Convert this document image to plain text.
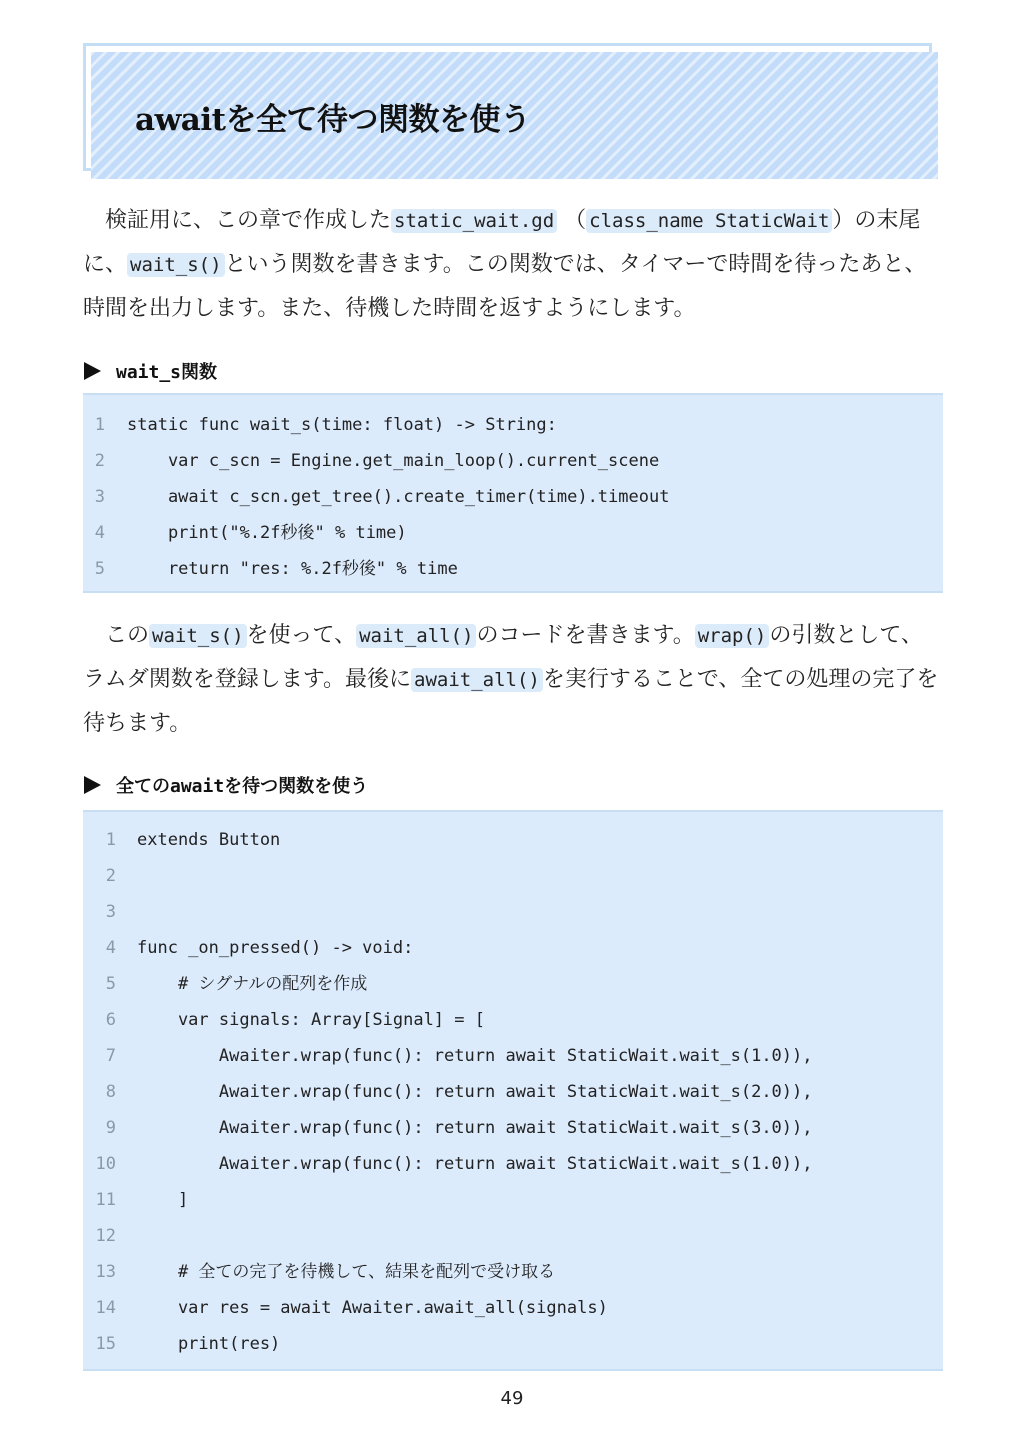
awaitを全て待つ関数を使う

検証用に、この章で作成した static_wait.gd （ class_name StaticWait ）の末尾に、 wait_s() という関数を書きます。この関数では、タイマーで時間を待ったあと、時間を出力します。また、待機した時間を返すようにします。

wait_s関数
1 static func wait_s(time: float) -> String:
2 var c_scn = Engine.get_main_loop().current_scene
3 await c_scn.get_tree().create_timer(time).timeout
4 print("%.2f秒後" % time)
5 return "res: %.2f秒後" % time

この wait_s() を使って、 wait_all() のコードを書きます。 wrap() の引数として、ラムダ関数を登録します。最後に await_all() を実行することで、全ての処理の完了を待ちます。

全てのawaitを待つ関数を使う
1 extends Button
2
3
4 func _on_pressed() -> void:
5 # シグナルの配列を作成
6 var signals: Array[Signal] = [
7 Awaiter.wrap(func(): return await StaticWait.wait_s(1.0)),
8 Awaiter.wrap(func(): return await StaticWait.wait_s(2.0)),
9 Awaiter.wrap(func(): return await StaticWait.wait_s(3.0)),
10 Awaiter.wrap(func(): return await StaticWait.wait_s(1.0)),
11 ]
12
13 # 全ての完了を待機して、結果を配列で受け取る
14 var res = await Awaiter.await_all(signals)
15 print(res)
49
